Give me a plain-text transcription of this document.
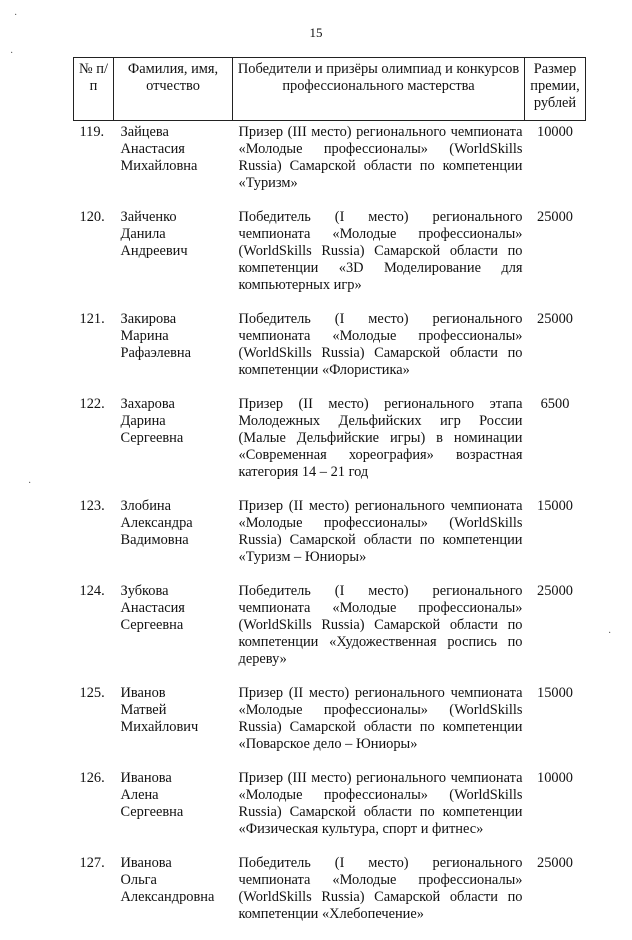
15
·
·
·
·
№ п/п	Фамилия, имя, отчество	Победители и призёры олимпиад и конкурсов профессионального мастерства	Размер премии, рублей
119.	Зайцева
Анастасия
Михайловна	Призер (III место) регионального чемпионата «Молодые профессионалы» (WorldSkills Russia) Самарской области по компетенции «Туризм»	10000
120.	Зайченко
Данила
Андреевич	Победитель (I место) регионального чемпионата «Молодые профессионалы» (WorldSkills Russia) Самарской области по компетенции «3D Моделирование для компьютерных игр»	25000
121.	Закирова
Марина
Рафаэлевна	Победитель (I место) регионального чемпионата «Молодые профессионалы» (WorldSkills Russia) Самарской области по компетенции «Флористика»	25000
122.	Захарова
Дарина
Сергеевна	Призер (II место) регионального этапа Молодежных Дельфийских игр России (Малые Дельфийские игры) в номинации «Современная хореография» возрастная категория 14 – 21 год	6500
123.	Злобина
Александра
Вадимовна	Призер (II место) регионального чемпионата «Молодые профессионалы» (WorldSkills Russia) Самарской области по компетенции «Туризм – Юниоры»	15000
124.	Зубкова
Анастасия
Сергеевна	Победитель (I место) регионального чемпионата «Молодые профессионалы» (WorldSkills Russia) Самарской области по компетенции «Художественная роспись по дереву»	25000
125.	Иванов
Матвей
Михайлович	Призер (II место) регионального чемпионата «Молодые профессионалы» (WorldSkills Russia) Самарской области по компетенции «Поварское дело – Юниоры»	15000
126.	Иванова
Алена
Сергеевна	Призер (III место) регионального чемпионата «Молодые профессионалы» (WorldSkills Russia) Самарской области по компетенции «Физическая культура, спорт и фитнес»	10000
127.	Иванова
Ольга
Александровна	Победитель (I место) регионального чемпионата «Молодые профессионалы» (WorldSkills Russia) Самарской области по компетенции «Хлебопечение»	25000
